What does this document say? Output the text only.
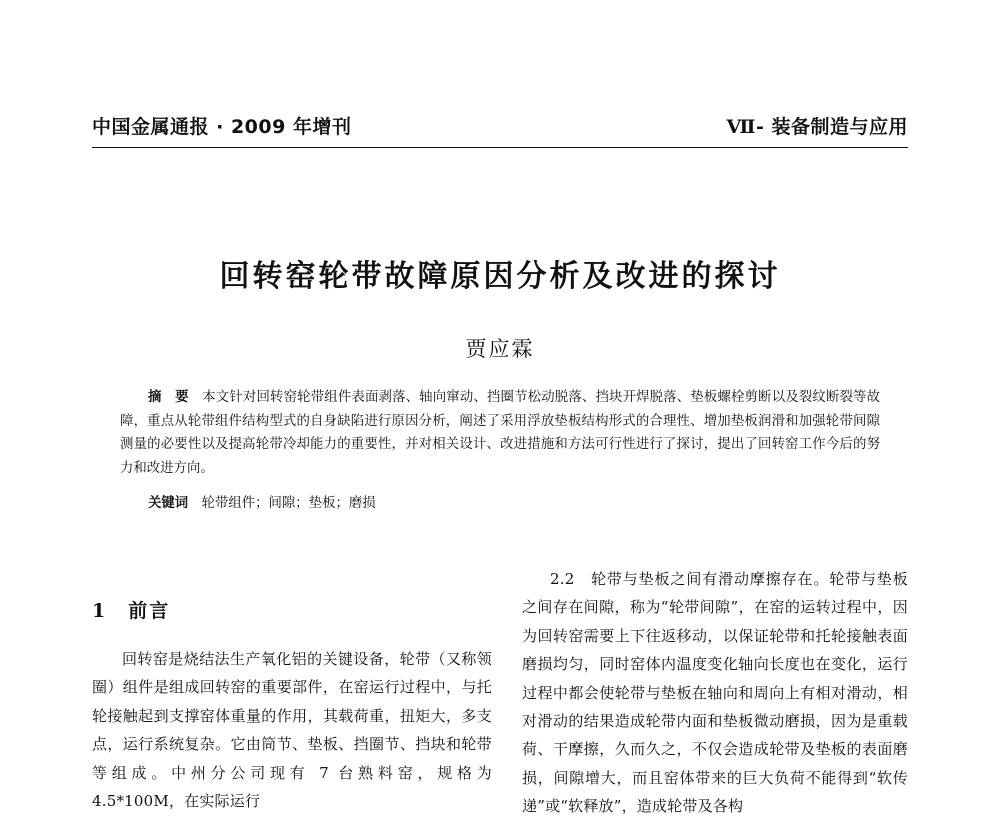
中国金属通报 · 2009 年增刊	Ⅶ- 装备制造与应用
回转窑轮带故障原因分析及改进的探讨
贾应霖
摘　要　 本文针对回转窑轮带组件表面剥落、轴向窜动、挡圈节松动脱落、挡块开焊脱落、垫板螺栓剪断以及裂纹断裂等故障，重点从轮带组件结构型式的自身缺陷进行原因分析，阐述了采用浮放垫板结构形式的合理性、增加垫板润滑和加强轮带间隙测量的必要性以及提高轮带冷却能力的重要性，并对相关设计、改进措施和方法可行性进行了探讨，提出了回转窑工作今后的努力和改进方向。
关键词　 轮带组件；间隙；垫板；磨损
1　前言
回转窑是烧结法生产氧化铝的关键设备，轮带（又称领圈）组件是组成回转窑的重要部件，在窑运行过程中，与托轮接触起到支撑窑体重量的作用，其载荷重，扭矩大，多支点，运行系统复杂。它由筒节、垫板、挡圈节、挡块和轮带等组成。中州分公司现有 7 台熟料窑，规格为 4.5*100M，在实际运行
2.2　轮带与垫板之间有滑动摩擦存在。轮带与垫板之间存在间隙，称为“轮带间隙”，在窑的运转过程中，因为回转窑需要上下往返移动，以保证轮带和托轮接触表面磨损均匀，同时窑体内温度变化轴向长度也在变化，运行过程中都会使轮带与垫板在轴向和周向上有相对滑动，相对滑动的结果造成轮带内面和垫板微动磨损，因为是重载荷、干摩擦，久而久之，不仅会造成轮带及垫板的表面磨损，间隙增大，而且窑体带来的巨大负荷不能得到“软传递”或“软释放”，造成轮带及各构
